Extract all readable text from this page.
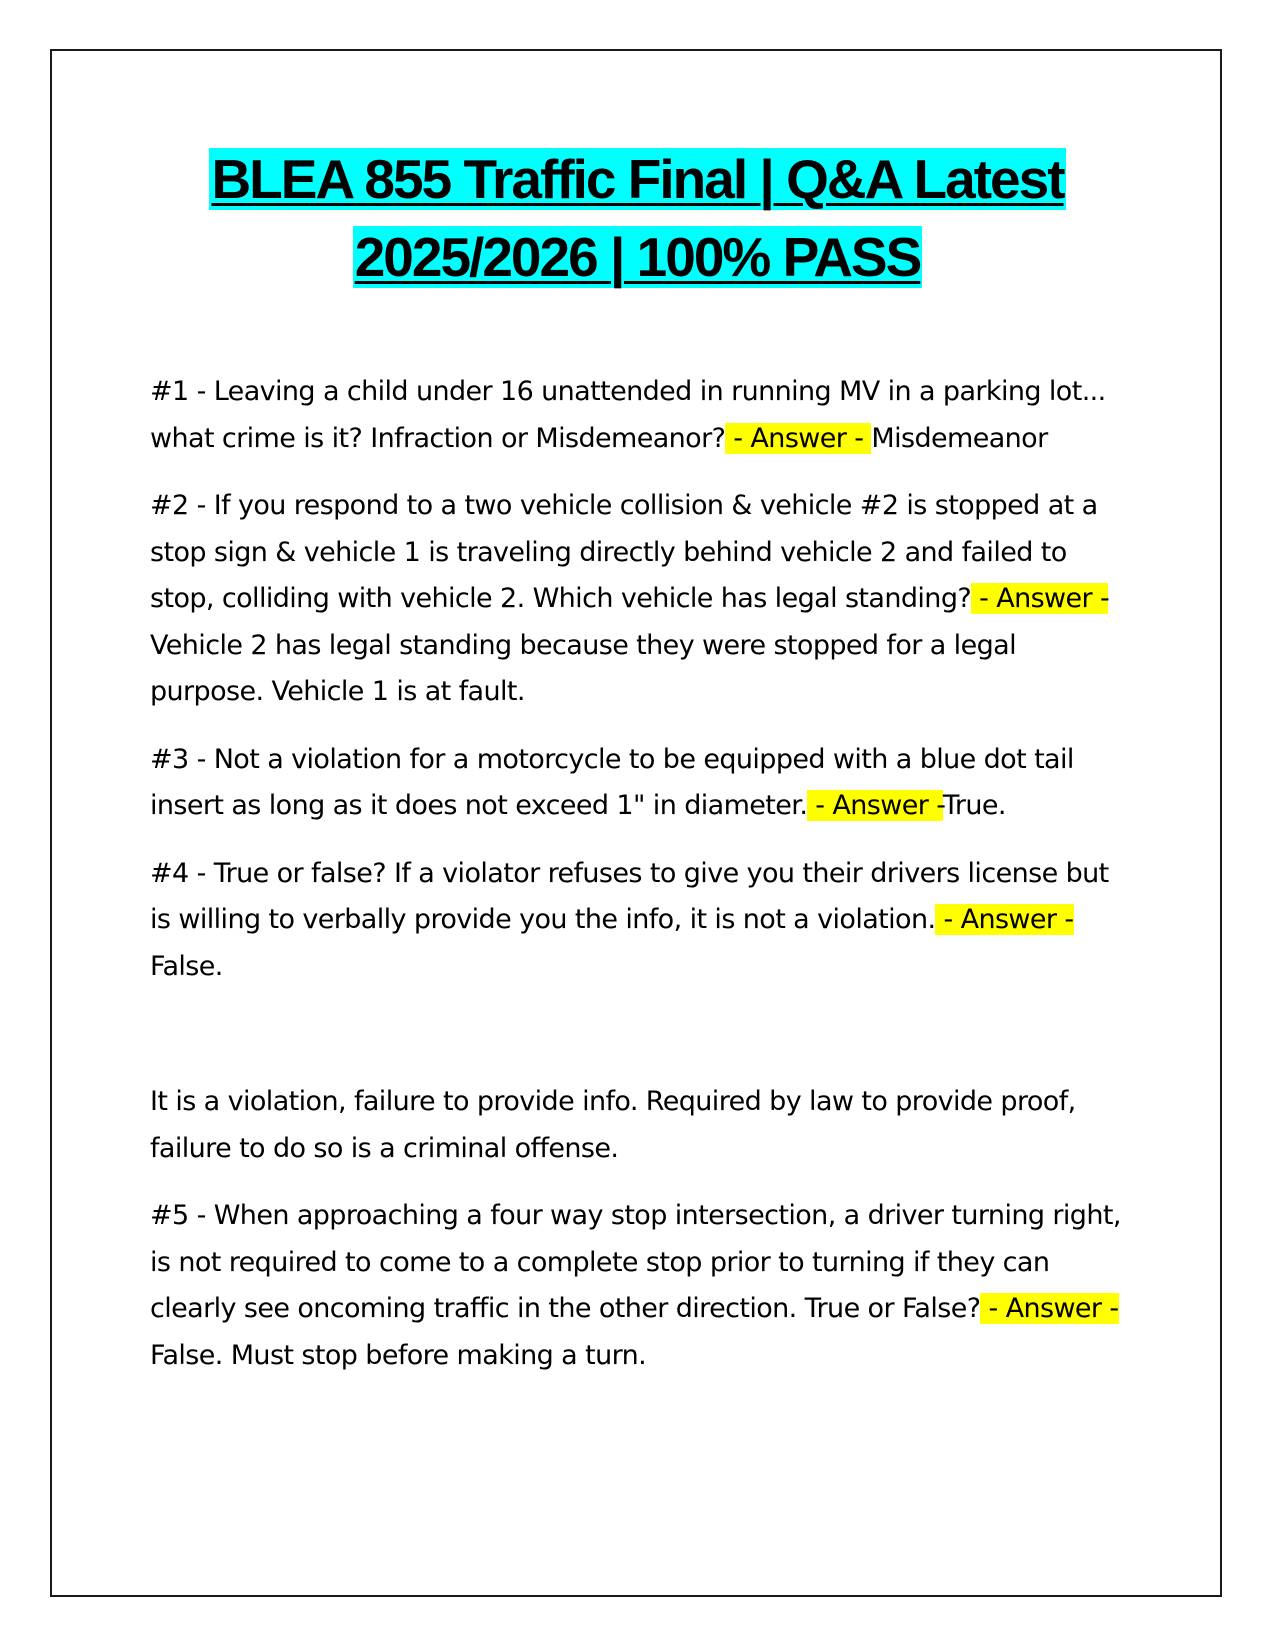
BLEA 855 Traffic Final | Q&A Latest
2025/2026 | 100% PASS

#1 - Leaving a child under 16 unattended in running MV in a parking lot... what crime is it? Infraction or Misdemeanor? - Answer - Misdemeanor

#2 - If you respond to a two vehicle collision & vehicle #2 is stopped at a stop sign & vehicle 1 is traveling directly behind vehicle 2 and failed to stop, colliding with vehicle 2. Which vehicle has legal standing? - Answer -Vehicle 2 has legal standing because they were stopped for a legal purpose. Vehicle 1 is at fault.

#3 - Not a violation for a motorcycle to be equipped with a blue dot tail insert as long as it does not exceed 1" in diameter. - Answer -True.

#4 - True or false? If a violator refuses to give you their drivers license but is willing to verbally provide you the info, it is not a violation. - Answer -False.

It is a violation, failure to provide info. Required by law to provide proof, failure to do so is a criminal offense.

#5 - When approaching a four way stop intersection, a driver turning right, is not required to come to a complete stop prior to turning if they can clearly see oncoming traffic in the other direction. True or False? - Answer -False. Must stop before making a turn.
